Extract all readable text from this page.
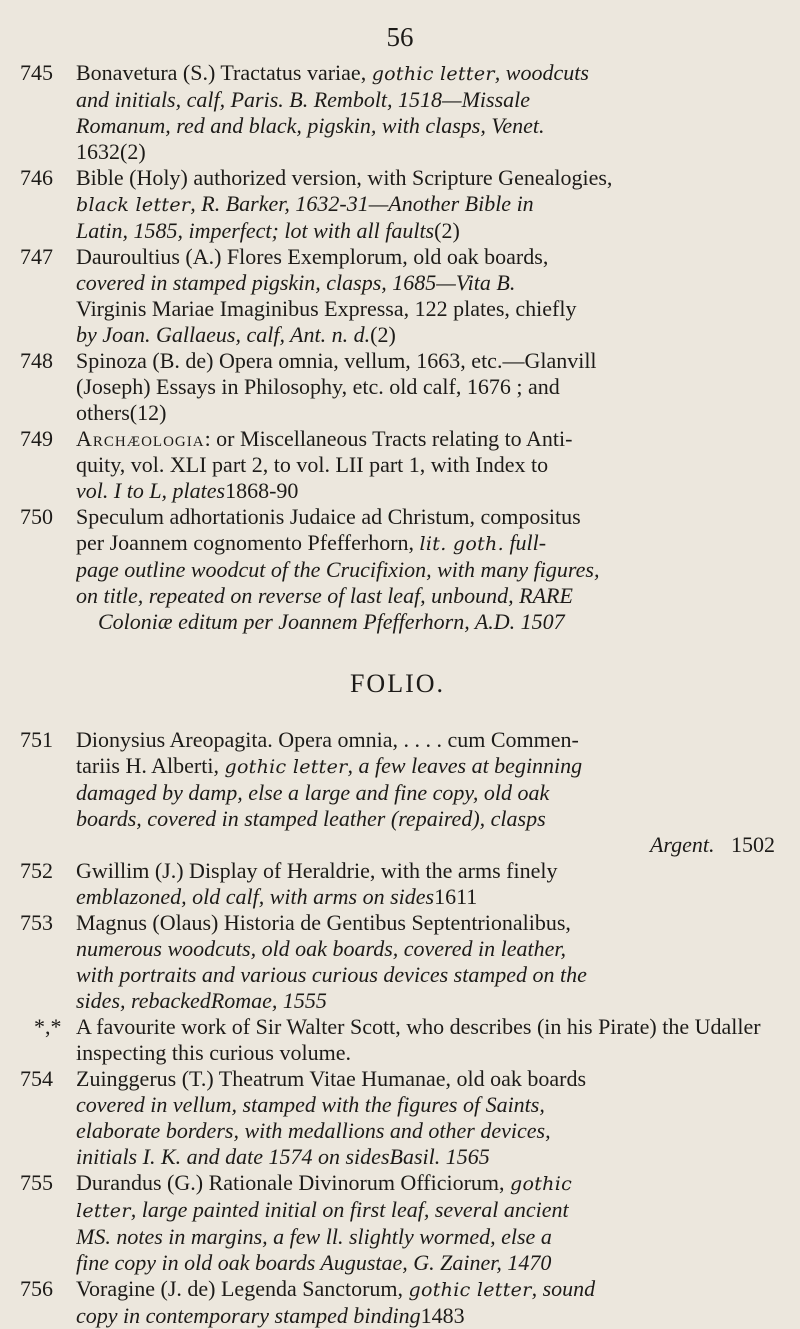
56
745	Bonavetura (S.) Tractatus variae, gothic letter, woodcuts
and initials, calf, Paris. B. Rembolt, 1518—Missale
Romanum, red and black, pigskin, with clasps, Venet.
1632(2)
746	Bible (Holy) authorized version, with Scripture Genealogies,
black letter, R. Barker, 1632-31—Another Bible in
Latin, 1585, imperfect; lot with all faults(2)
747	Dauroultius (A.) Flores Exemplorum, old oak boards,
covered in stamped pigskin, clasps, 1685—Vita B.
Virginis Mariae Imaginibus Expressa, 122 plates, chiefly
by Joan. Gallaeus, calf, Ant. n. d.(2)
748	Spinoza (B. de) Opera omnia, vellum, 1663, etc.—Glanvill
(Joseph) Essays in Philosophy, etc. old calf, 1676 ; and
others(12)
749	Archæologia: or Miscellaneous Tracts relating to Anti-
quity, vol. XLI part 2, to vol. LII part 1, with Index to
vol. I to L, plates1868-90
750	Speculum adhortationis Judaice ad Christum, compositus
per Joannem cognomento Pfefferhorn, lit. goth. full-
page outline woodcut of the Crucifixion, with many figures,
on title, repeated on reverse of last leaf, unbound, RARE
Coloniæ editum per Joannem Pfefferhorn, A.D. 1507
FOLIO.
751	Dionysius Areopagita. Opera omnia, . . . . cum Commen-
tariis H. Alberti, gothic letter, a few leaves at beginning
damaged by damp, else a large and fine copy, old oak
boards, covered in stamped leather (repaired), clasps
Argent. 1502
752	Gwillim (J.) Display of Heraldrie, with the arms finely
emblazoned, old calf, with arms on sides1611
753	Magnus (Olaus) Historia de Gentibus Septentrionalibus,
numerous woodcuts, old oak boards, covered in leather,
with portraits and various curious devices stamped on the
sides, rebackedRomae, 1555
*,* A favourite work of Sir Walter Scott, who describes (in his Pirate) the Udaller inspecting this curious volume.
754	Zuinggerus (T.) Theatrum Vitae Humanae, old oak boards
covered in vellum, stamped with the figures of Saints,
elaborate borders, with medallions and other devices,
initials I. K. and date 1574 on sidesBasil. 1565
755	Durandus (G.) Rationale Divinorum Officiorum, gothic
letter, large painted initial on first leaf, several ancient
MS. notes in margins, a few ll. slightly wormed, else a
fine copy in old oak boards Augustae, G. Zainer, 1470
756	Voragine (J. de) Legenda Sanctorum, gothic letter, sound
copy in contemporary stamped binding1483
